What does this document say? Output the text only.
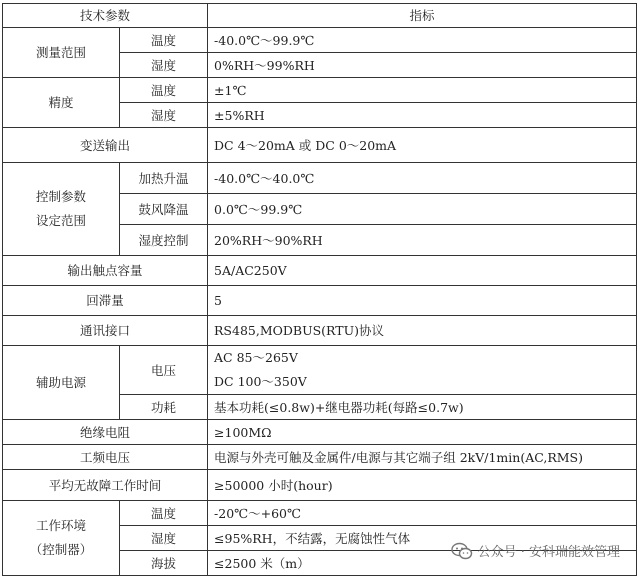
技术参数		指标
测量范围	温度	-40.0℃～99.9℃
	湿度	0%RH～99%RH
精度	温度	±1℃
	湿度	±5%RH
变送输出		DC 4～20mA 或 DC 0～20mA
控制参数
设定范围	加热升温	-40.0℃～40.0℃
	鼓风降温	0.0℃～99.9℃
	湿度控制	20%RH～90%RH
输出触点容量		5A/AC250V
回滞量		5
通讯接口		RS485,MODBUS(RTU)协议
辅助电源	电压	AC 85～265V
DC 100～350V
	功耗	基本功耗(≤0.8w)+继电器功耗(每路≤0.7w)
绝缘电阻		≥100MΩ
工频电压		电源与外壳可触及金属件/电源与其它端子组 2kV/1min(AC,RMS)
平均无故障工作时间		≥50000 小时(hour)
工作环境
（控制器）	温度	-20℃～+60℃
	湿度	≤95%RH，不结露，无腐蚀性气体
	海拔	≤2500 米（m）
公众号 · 安科瑞能效管理
